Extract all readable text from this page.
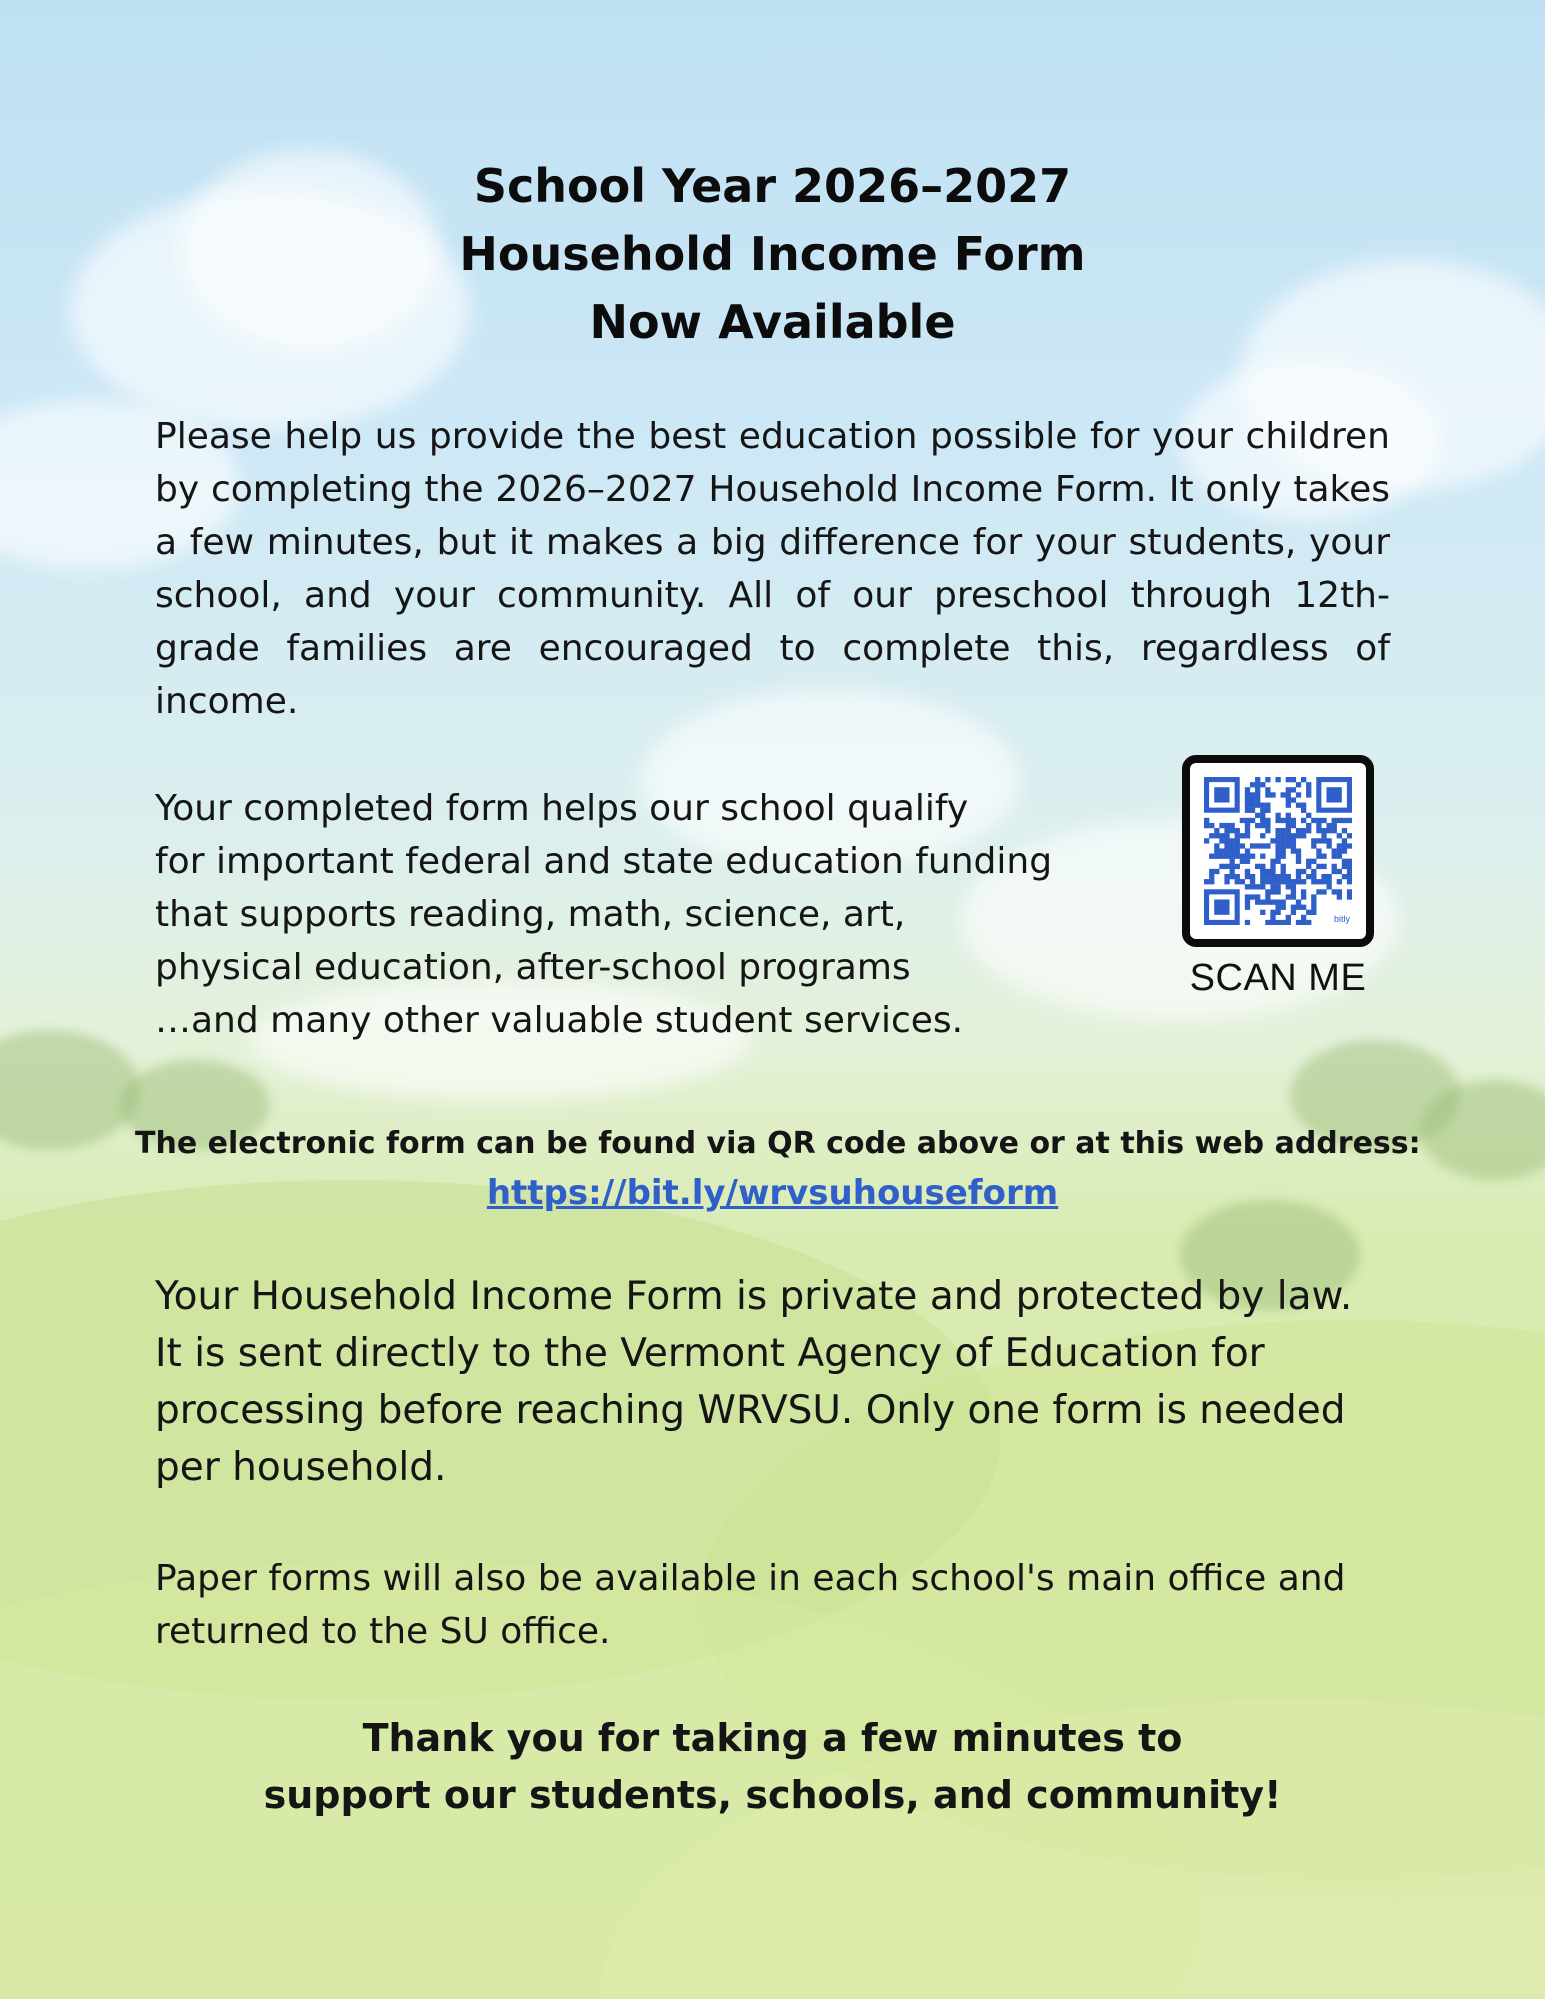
School Year 2026–2027
Household Income Form
Now Available
Please help us provide the best education possible for your children by completing the 2026–2027 Household Income Form. It only takes a few minutes, but it makes a big difference for your students, your school, and your community. All of our preschool through 12th-grade families are encouraged to complete this, regardless of income.
Your completed form helps our school qualify
for important federal and state education funding
that supports reading, math, science, art,
physical education, after-school programs
…and many other valuable student services.
bitly
SCAN ME
The electronic form can be found via QR code above or at this web address:
https://bit.ly/wrvsuhouseform
Your Household Income Form is private and protected by law.
It is sent directly to the Vermont Agency of Education for
processing before reaching WRVSU. Only one form is needed
per household.
Paper forms will also be available in each school's main office and
returned to the SU office.
Thank you for taking a few minutes to
support our students, schools, and community!
